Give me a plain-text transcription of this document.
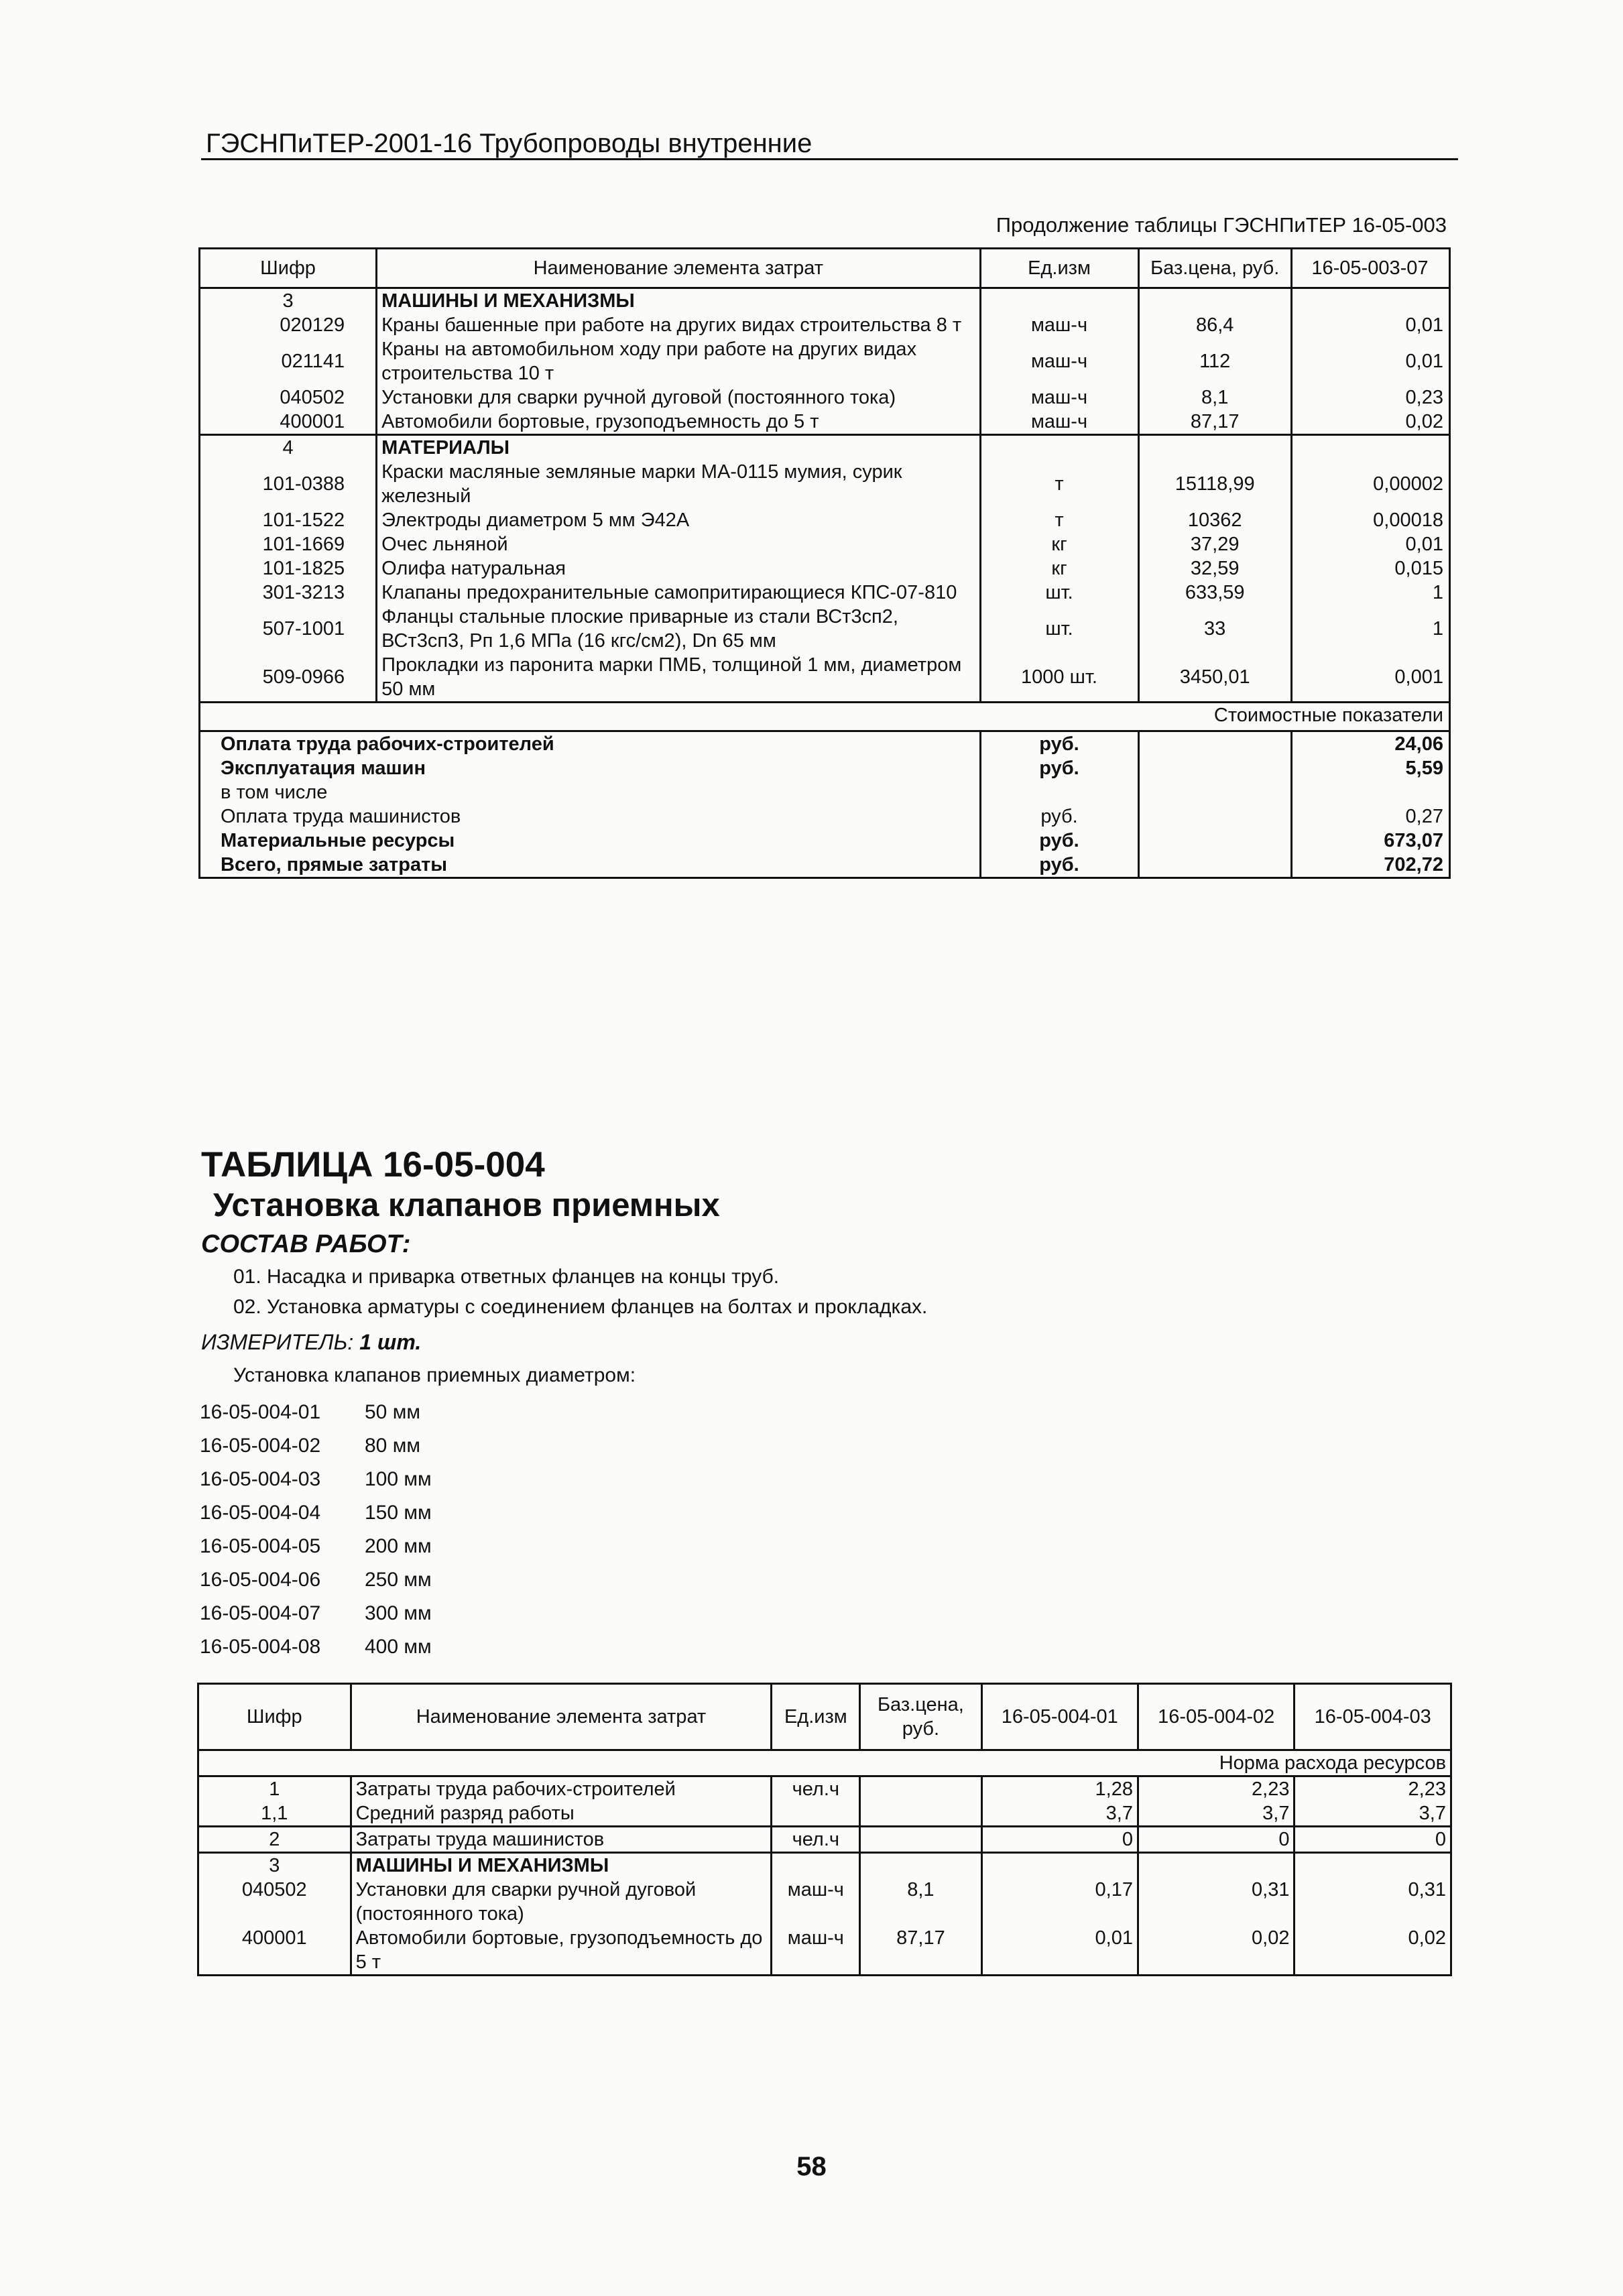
ГЭСНПиТЕР-2001-16 Трубопроводы внутренние
Продолжение таблицы ГЭСНПиТЕР 16-05-003
Шифр	Наименование элемента затрат	Ед.изм	Баз.цена, руб.	16-05-003-07
3	МАШИНЫ И МЕХАНИЗМЫ			
020129	Краны башенные при работе на других видах строительства 8 т	маш-ч	86,4	0,01
021141	Краны на автомобильном ходу при работе на других видах строительства 10 т	маш-ч	112	0,01
040502	Установки для сварки ручной дуговой (постоянного тока)	маш-ч	8,1	0,23
400001	Автомобили бортовые, грузоподъемность до 5 т	маш-ч	87,17	0,02
4	МАТЕРИАЛЫ			
101-0388	Краски масляные земляные марки МА-0115 мумия, сурик железный	т	15118,99	0,00002
101-1522	Электроды диаметром 5 мм Э42А	т	10362	0,00018
101-1669	Очес льняной	кг	37,29	0,01
101-1825	Олифа натуральная	кг	32,59	0,015
301-3213	Клапаны предохранительные самопритирающиеся КПС-07-810	шт.	633,59	1
507-1001	Фланцы стальные плоские приварные из стали ВСт3сп2, ВСт3сп3, Рп 1,6 МПа (16 кгс/см2), Dn 65 мм	шт.	33	1
509-0966	Прокладки из паронита марки ПМБ, толщиной 1 мм, диаметром 50 мм	1000 шт.	3450,01	0,001
Стоимостные показатели				
Оплата труда рабочих-строителей		руб.		24,06
Эксплуатация машин		руб.		5,59
в том числе				
Оплата труда машинистов		руб.		0,27
Материальные ресурсы		руб.		673,07
Всего, прямые затраты		руб.		702,72
ТАБЛИЦА 16-05-004
Установка клапанов приемных
СОСТАВ РАБОТ:
01. Насадка и приварка ответных фланцев на концы труб.
02. Установка арматуры с соединением фланцев на болтах и прокладках.
ИЗМЕРИТЕЛЬ: 1 шт.
Установка клапанов приемных диаметром:
16-05-004-01 50 мм
16-05-004-02 80 мм
16-05-004-03 100 мм
16-05-004-04 150 мм
16-05-004-05 200 мм
16-05-004-06 250 мм
16-05-004-07 300 мм
16-05-004-08 400 мм
Шифр	Наименование элемента затрат	Ед.изм	Баз.цена, руб.	16-05-004-01	16-05-004-02	16-05-004-03
Норма расхода ресурсов						
1	Затраты труда рабочих-строителей	чел.ч		1,28	2,23	2,23
1,1	Средний разряд работы			3,7	3,7	3,7
2	Затраты труда машинистов	чел.ч		0	0	0
3	МАШИНЫ И МЕХАНИЗМЫ					
040502	Установки для сварки ручной дуговой (постоянного тока)	маш-ч	8,1	0,17	0,31	0,31
400001	Автомобили бортовые, грузоподъемность до 5 т	маш-ч	87,17	0,01	0,02	0,02
58
